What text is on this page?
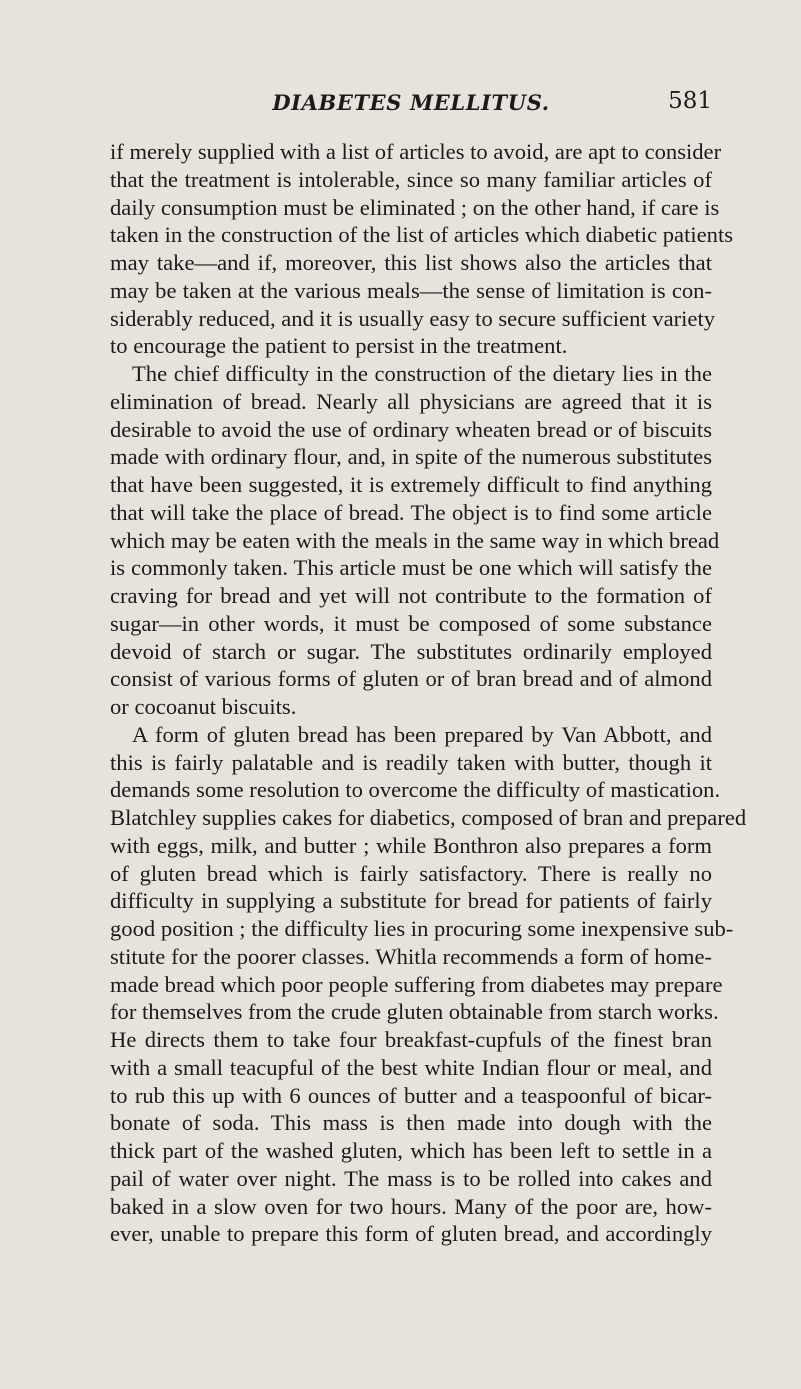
DIABETES MELLITUS.	581
if merely supplied with a list of articles to avoid, are apt to consider
that the treatment is intolerable, since so many familiar articles of
daily consumption must be eliminated ; on the other hand, if care is
taken in the construction of the list of articles which diabetic patients
may take—and if, moreover, this list shows also the articles that
may be taken at the various meals—the sense of limitation is con-
siderably reduced, and it is usually easy to secure sufficient variety
to encourage the patient to persist in the treatment.
The chief difficulty in the construction of the dietary lies in the
elimination of bread. Nearly all physicians are agreed that it is
desirable to avoid the use of ordinary wheaten bread or of biscuits
made with ordinary flour, and, in spite of the numerous substitutes
that have been suggested, it is extremely difficult to find anything
that will take the place of bread. The object is to find some article
which may be eaten with the meals in the same way in which bread
is commonly taken. This article must be one which will satisfy the
craving for bread and yet will not contribute to the formation of
sugar—in other words, it must be composed of some substance
devoid of starch or sugar. The substitutes ordinarily employed
consist of various forms of gluten or of bran bread and of almond
or cocoanut biscuits.
A form of gluten bread has been prepared by Van Abbott, and
this is fairly palatable and is readily taken with butter, though it
demands some resolution to overcome the difficulty of mastication.
Blatchley supplies cakes for diabetics, composed of bran and prepared
with eggs, milk, and butter ; while Bonthron also prepares a form
of gluten bread which is fairly satisfactory. There is really no
difficulty in supplying a substitute for bread for patients of fairly
good position ; the difficulty lies in procuring some inexpensive sub-
stitute for the poorer classes. Whitla recommends a form of home-
made bread which poor people suffering from diabetes may prepare
for themselves from the crude gluten obtainable from starch works.
He directs them to take four breakfast-cupfuls of the finest bran
with a small teacupful of the best white Indian flour or meal, and
to rub this up with 6 ounces of butter and a teaspoonful of bicar-
bonate of soda. This mass is then made into dough with the
thick part of the washed gluten, which has been left to settle in a
pail of water over night. The mass is to be rolled into cakes and
baked in a slow oven for two hours. Many of the poor are, how-
ever, unable to prepare this form of gluten bread, and accordingly
